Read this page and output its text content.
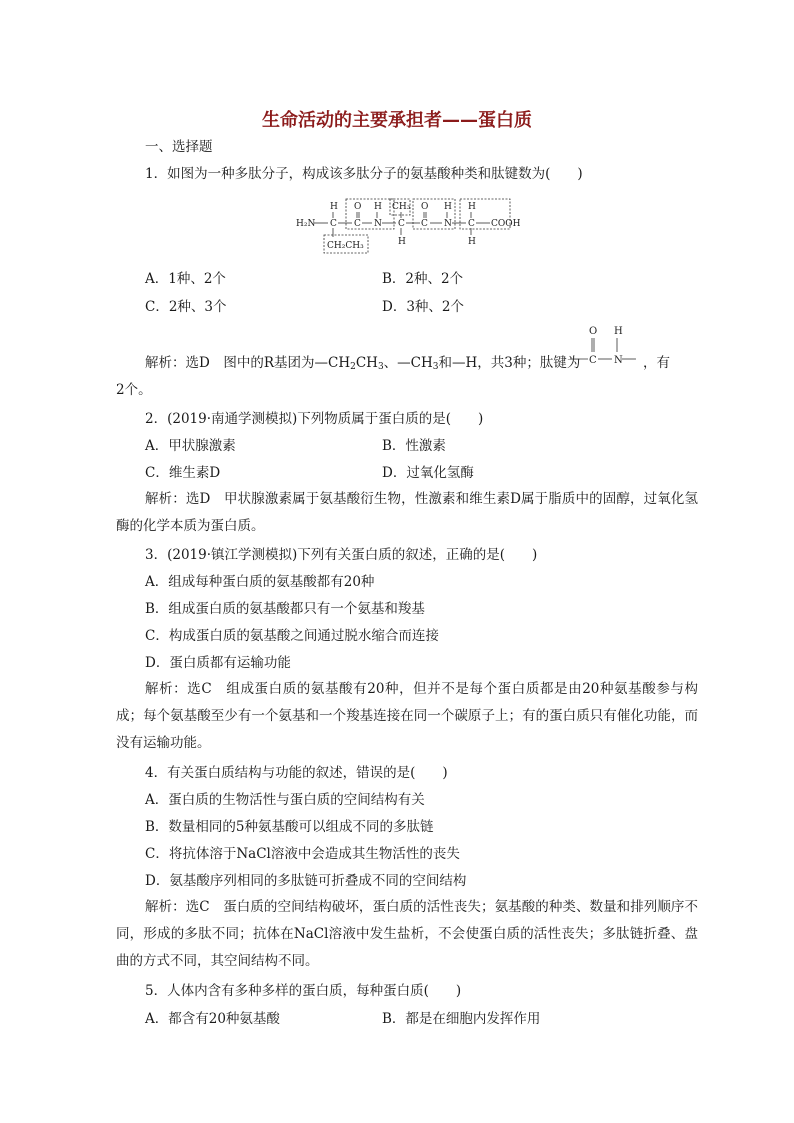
生命活动的主要承担者——蛋白质
一、选择题
1．如图为一种多肽分子，构成该多肽分子的氨基酸种类和肽键数为(　　)
H₂N C
H
CH₂CH₃
C
O
N
H CH₃
C
H
C
O
N
H
C
H
H
COOH
A．1种、2个	B．2种、2个
C．2种、3个	D．3种、2个
解析：选D　图中的R基团为$—CH_2CH_3$、$—CH_3$和—H，共3种；肽键为
O
C
H
N ，有
2个。
2．(2019·南通学测模拟)下列物质属于蛋白质的是(　　)
A．甲状腺激素	B．性激素
C．维生素D	D．过氧化氢酶
解析：选D　甲状腺激素属于氨基酸衍生物，性激素和维生素D属于脂质中的固醇，过氧化氢酶的化学本质为蛋白质。
3．(2019·镇江学测模拟)下列有关蛋白质的叙述，正确的是(　　)
A．组成每种蛋白质的氨基酸都有20种
B．组成蛋白质的氨基酸都只有一个氨基和羧基
C．构成蛋白质的氨基酸之间通过脱水缩合而连接
D．蛋白质都有运输功能
解析：选C　组成蛋白质的氨基酸有20种，但并不是每个蛋白质都是由20种氨基酸参与构成；每个氨基酸至少有一个氨基和一个羧基连接在同一个碳原子上；有的蛋白质只有催化功能，而没有运输功能。
4．有关蛋白质结构与功能的叙述，错误的是(　　)
A．蛋白质的生物活性与蛋白质的空间结构有关
B．数量相同的5种氨基酸可以组成不同的多肽链
C．将抗体溶于NaCl溶液中会造成其生物活性的丧失
D．氨基酸序列相同的多肽链可折叠成不同的空间结构
解析：选C　蛋白质的空间结构破坏，蛋白质的活性丧失；氨基酸的种类、数量和排列顺序不同，形成的多肽不同；抗体在NaCl溶液中发生盐析，不会使蛋白质的活性丧失；多肽链折叠、盘曲的方式不同，其空间结构不同。
5．人体内含有多种多样的蛋白质，每种蛋白质(　　)
A．都含有20种氨基酸	B．都是在细胞内发挥作用
